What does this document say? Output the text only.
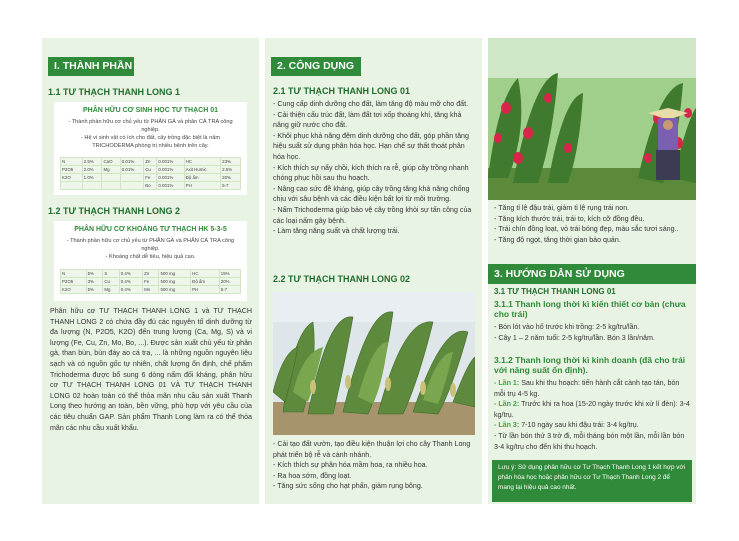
I. THÀNH PHẦN
1.1 TƯ THẠCH THANH LONG 1
PHÂN HỮU CƠ SINH HỌC TƯ THẠCH 01
- Thành phần hữu cơ chủ yếu từ PHÂN GÀ và phân CÁ TRA công nghiệp.
- Hệ vi sinh vật có ích cho đất, cây trồng đặc biệt là nấm TRICHODERMA phòng trị nhiều bệnh trên cây.
N	2.5%	CaO	0.01%	Zn	0.001%	HC	23%
P2O5	2.0%	Mg	0.01%	Cu	0.001%	Axit Humic	2.5%
K2O	1.0%			Fe	0.001%	Độ ẩm	20%
				Bo	0.001%	PH	5-7
1.2 TƯ THẠCH THANH LONG 2
PHÂN HỮU CƠ KHOÁNG TƯ THẠCH HK 5-3-5
- Thành phần hữu cơ chủ yếu từ PHÂN GÀ và PHÂN CÁ TRA công nghiệp.
- Khoáng chất dễ tiêu, hiệu quả cao.
N	5%	S	0.4%	Zn	500 mg	HC	15%
P2O5	3%	Cu	0.4%	Fe	500 mg	Độ ẩm	20%
K2O	5%	Mg	0.4%	Mn	500 mg	PH	5-7
Phân hữu cơ TƯ THẠCH THANH LONG 1 và TƯ THẠCH THANH LONG 2 có chứa đầy đủ các nguyên tố dinh dưỡng từ đa lượng (N, P2O5, K2O) đến trung lượng (Ca, Mg, S) và vi lượng (Fe, Cu, Zn, Mo, Bo, ...). Được sản xuất chủ yếu từ phân gà, than bùn, bùn đáy ao cá tra, ... là những nguồn nguyên liệu sạch và có nguồn gốc tự nhiên, chất lượng ổn định, chế phẩm Trichoderma được bổ sung 6 dòng nấm đối kháng, phân hữu cơ TƯ THẠCH THANH LONG 01 VÀ TƯ THẠCH THANH LONG 02 hoàn toàn có thể thỏa mãn nhu cầu sản xuất Thanh Long theo hướng an toàn, bền vững, phù hợp với yêu cầu của các tiêu chuẩn GAP. Sản phẩm Thanh Long làm ra có thể thỏa mãn các nhu cầu xuất khẩu.
2. CÔNG DỤNG
2.1 TƯ THẠCH THANH LONG 01

- Cung cấp dinh dưỡng cho đất, làm tăng độ màu mỡ cho đất.

- Cải thiện cấu trúc đất, làm đất tơi xốp thoáng khí, tăng khả năng giữ nước cho đất.

- Khôi phục khả năng đệm dinh dưỡng cho đất, góp phần tăng hiệu suất sử dụng phân hóa học. Hạn chế sự thất thoát phân hóa học.

- Kích thích sự nẩy chồi, kích thích ra rễ, giúp cây trồng nhanh chóng phục hồi sau thu hoạch.

- Nâng cao sức đề kháng, giúp cây trồng tăng khả năng chống chịu với sâu bệnh và các điều kiện bất lợi từ môi trường.

- Nấm Trichoderma giúp bảo vệ cây trồng khỏi sự tấn công của các loại nấm gây bệnh.

- Làm tăng năng suất và chất lượng trái.

2.2 TƯ THẠCH THANH LONG 02

- Cải tạo đất vườn, tạo điều kiện thuận lợi cho cây Thanh Long phát triển bộ rễ và cành nhánh.

- Kích thích sự phân hóa mầm hoa, ra nhiều hoa.

- Ra hoa sớm, đồng loạt.

- Tăng sức sống cho hạt phấn, giảm rụng bông.

- Tăng tỉ lệ đậu trái, giảm tỉ lệ rụng trái non.

- Tăng kích thước trái, trái to, kích cỡ đồng đều.

- Trái chín đồng loạt, vỏ trái bóng đẹp, màu sắc tươi sáng..

- Tăng độ ngọt, tăng thời gian bảo quản.

3. HƯỚNG DẪN SỬ DỤNG
3.1 TƯ THẠCH THANH LONG 01
3.1.1 Thanh long thời kì kiến thiết cơ bản (chưa cho trái)

- Bón lót vào hố trước khi trồng: 2-5 kg/trụ/lần.

- Cây 1 – 2 năm tuổi: 2-5 kg/trụ/lần. Bón 3 lần/năm.

3.1.2 Thanh long thời kì kinh doanh (đã cho trái với năng suất ổn định).

- Lần 1: Sau khi thu hoạch: tiến hành cắt cành tạo tán, bón mỗi trụ 4-5 kg.

- Lần 2: Trước khi ra hoa (15-20 ngày trước khi xử lí đèn): 3-4 kg/trụ.

- Lần 3: 7-10 ngày sau khi đậu trái: 3-4 kg/trụ.

- Từ lần bón thứ 3 trở đi, mỗi tháng bón một lần, mỗi lần bón 3-4 kg/trụ cho đến khi thu hoạch.

Lưu ý: Sử dụng phân hữu cơ Tư Thạch Thanh Long 1 kết hợp với phân hóa học hoặc phân hữu cơ Tư Thạch Thanh Long 2 để mang lại hiệu quả cao nhất.
